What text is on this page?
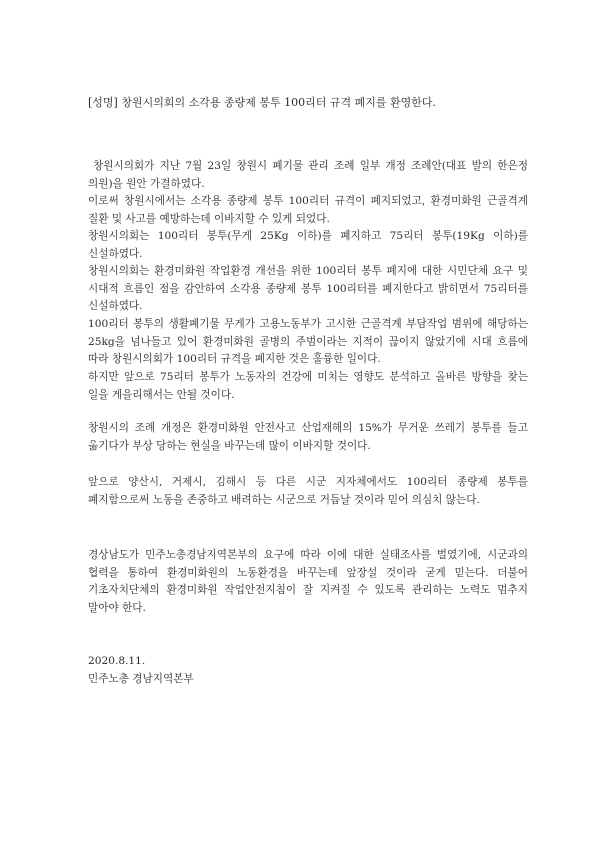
[성명] 창원시의회의 소각용 종량제 봉투 100리터 규격 폐지를 환영한다.

창원시의회가 지난 7월 23일 창원시 폐기물 관리 조례 일부 개정 조례안(대표 발의 한은정 의원)을 원안 가결하였다.

이로써 창원시에서는 소각용 종량제 봉투 100리터 규격이 폐지되었고, 환경미화원 근골격계 질환 및 사고를 예방하는데 이바지할 수 있게 되었다.

창원시의회는 100리터 봉투(무게 25Kg 이하)를 폐지하고 75리터 봉투(19Kg 이하)를 신설하였다.

창원시의회는 환경미화원 작업환경 개선을 위한 100리터 봉투 폐지에 대한 시민단체 요구 및 시대적 흐름인 점을 감안하여 소각용 종량제 봉투 100리터를 폐지한다고 밝히면서 75리터를 신설하였다.

100리터 봉투의 생활폐기물 무게가 고용노동부가 고시한 근골격계 부담작업 범위에 해당하는 25kg을 넘나들고 있어 환경미화원 골병의 주범이라는 지적이 끊이지 않았기에 시대 흐름에 따라 창원시의회가 100리터 규격을 폐지한 것은 훌륭한 일이다.

하지만 앞으로 75리터 봉투가 노동자의 건강에 미치는 영향도 분석하고 올바른 방향을 찾는 일을 게을리해서는 안될 것이다.

창원시의 조례 개정은 환경미화원 안전사고 산업재해의 15%가 무거운 쓰레기 봉투를 들고 옮기다가 부상 당하는 현실을 바꾸는데 많이 이바지할 것이다.

앞으로 양산시, 거제시, 김해시 등 다른 시군 지자체에서도 100리터 종량제 봉투를 폐지함으로써 노동을 존중하고 배려하는 시군으로 거듭날 것이라 믿어 의심치 않는다.

경상남도가 민주노총경남지역본부의 요구에 따라 이에 대한 실태조사를 벌였기에, 시군과의 협력을 통하여 환경미화원의 노동환경을 바꾸는데 앞장설 것이라 굳게 믿는다. 더불어 기초자치단체의 환경미화원 작업안전지침이 잘 지켜질 수 있도록 관리하는 노력도 멈추지 말아야 한다.

2020.8.11.
민주노총 경남지역본부
